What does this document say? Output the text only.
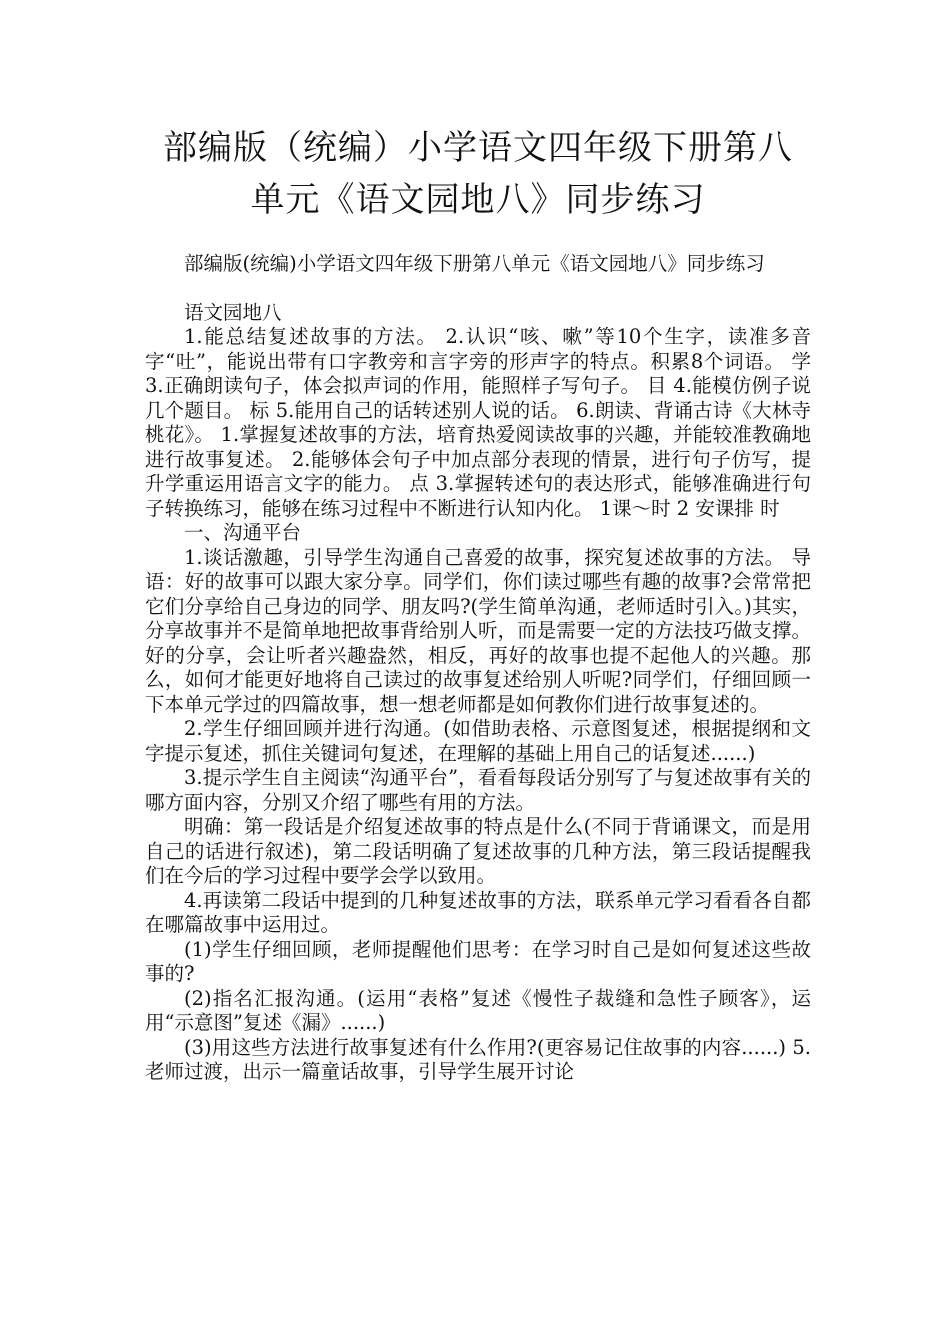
部编版（统编）小学语文四年级下册第八
单元《语文园地八》同步练习

部编版(统编)小学语文四年级下册第八单元《语文园地八》同步练习

语文园地八

1.能总结复述故事的方法。 2.认识“咳、嗽”等10个生字，读准多音字“吐”，能说出带有口字教旁和言字旁的形声字的特点。积累8个词语。 学 3.正确朗读句子，体会拟声词的作用，能照样子写句子。 目 4.能模仿例子说几个题目。 标 5.能用自己的话转述别人说的话。 6.朗读、背诵古诗《大林寺桃花》。 1.掌握复述故事的方法，培育热爱阅读故事的兴趣，并能较准教确地进行故事复述。 2.能够体会句子中加点部分表现的情景，进行句子仿写，提升学重运用语言文字的能力。 点 3.掌握转述句的表达形式，能够准确进行句子转换练习，能够在练习过程中不断进行认知内化。 1课～时 2 安课排 时

一、沟通平台

1.谈话激趣，引导学生沟通自己喜爱的故事，探究复述故事的方法。 导语：好的故事可以跟大家分享。同学们，你们读过哪些有趣的故事?会常常把它们分享给自己身边的同学、朋友吗?(学生简单沟通，老师适时引入。)其实，分享故事并不是简单地把故事背给别人听，而是需要一定的方法技巧做支撑。好的分享，会让听者兴趣盎然，相反，再好的故事也提不起他人的兴趣。那么，如何才能更好地将自己读过的故事复述给别人听呢?同学们，仔细回顾一下本单元学过的四篇故事，想一想老师都是如何教你们进行故事复述的。

2.学生仔细回顾并进行沟通。(如借助表格、示意图复述，根据提纲和文字提示复述，抓住关键词句复述，在理解的基础上用自己的话复述......)

3.提示学生自主阅读“沟通平台”，看看每段话分别写了与复述故事有关的哪方面内容，分别又介绍了哪些有用的方法。

明确：第一段话是介绍复述故事的特点是什么(不同于背诵课文，而是用自己的话进行叙述)，第二段话明确了复述故事的几种方法，第三段话提醒我们在今后的学习过程中要学会学以致用。

4.再读第二段话中提到的几种复述故事的方法，联系单元学习看看各自都在哪篇故事中运用过。

(1)学生仔细回顾，老师提醒他们思考：在学习时自己是如何复述这些故事的?

(2)指名汇报沟通。(运用“表格”复述《慢性子裁缝和急性子顾客》，运用“示意图”复述《漏》......)

(3)用这些方法进行故事复述有什么作用?(更容易记住故事的内容......) 5.老师过渡，出示一篇童话故事，引导学生展开讨论
